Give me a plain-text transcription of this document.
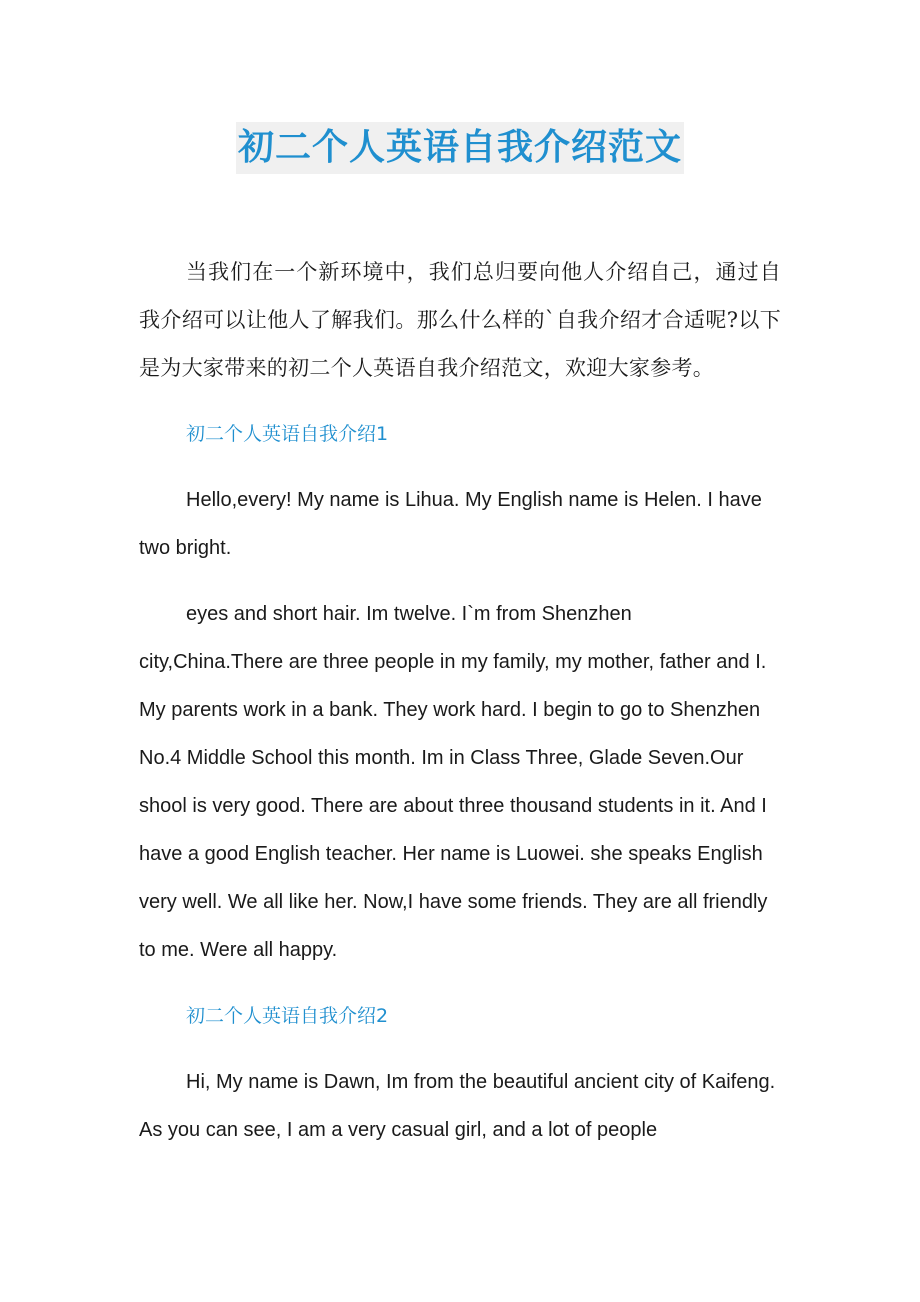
初二个人英语自我介绍范文

当我们在一个新环境中，我们总归要向他人介绍自己，通过自我介绍可以让他人了解我们。那么什么样的`自我介绍才合适呢?以下是为大家带来的初二个人英语自我介绍范文，欢迎大家参考。

初二个人英语自我介绍1

Hello,every! My name is Lihua. My English name is Helen. I have two bright.

eyes and short hair. Im twelve. I`m from Shenzhen city,China.There are three people in my family, my mother, father and I. My parents work in a bank. They work hard. I begin to go to Shenzhen No.4 Middle School this month. Im in Class Three, Glade Seven.Our shool is very good. There are about three thousand students in it. And I have a good English teacher. Her name is Luowei. she speaks English very well. We all like her. Now,I have some friends. They are all friendly to me. Were all happy.

初二个人英语自我介绍2

Hi, My name is Dawn, Im from the beautiful ancient city of Kaifeng. As you can see, I am a very casual girl, and a lot of people
